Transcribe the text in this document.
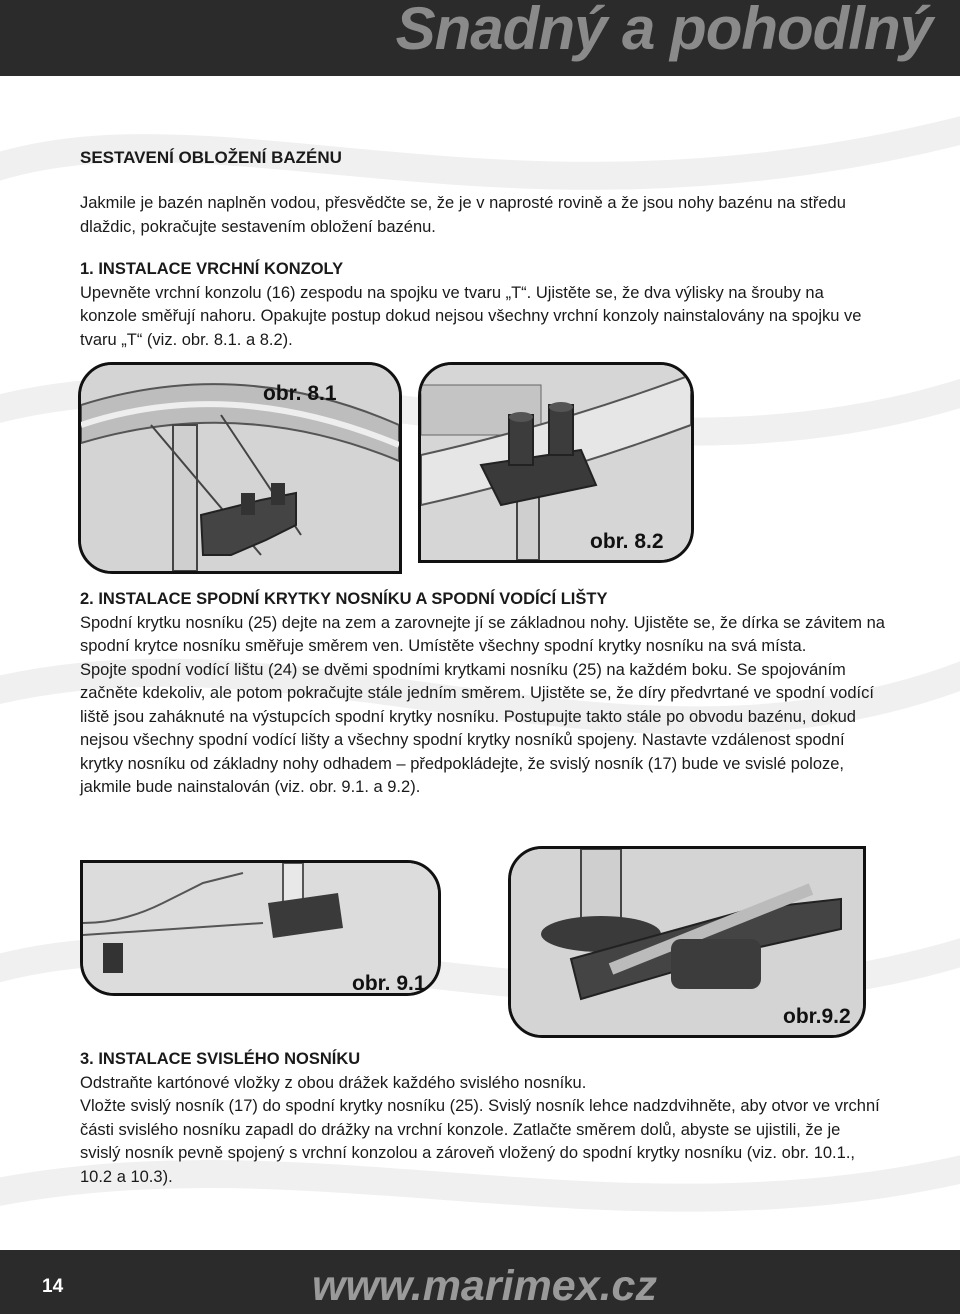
Snadný a pohodlný
SESTAVENÍ OBLOŽENÍ BAZÉNU

Jakmile je bazén naplněn vodou, přesvědčte se, že je v naprosté rovině a že jsou nohy bazénu na středu dlaždic, pokračujte sestavením obložení bazénu.

1. INSTALACE VRCHNÍ KONZOLY

Upevněte vrchní konzolu (16) zespodu na spojku ve tvaru „T“. Ujistěte se, že dva výlisky na šrouby na konzole směřují nahoru. Opakujte postup dokud nejsou všechny vrchní konzoly nainstalovány na spojku ve tvaru „T“ (viz. obr. 8.1. a 8.2).

obr. 8.1
obr. 8.2
2. INSTALACE SPODNÍ KRYTKY NOSNÍKU A SPODNÍ VODÍCÍ LIŠTY

Spodní krytku nosníku (25) dejte na zem a zarovnejte jí se základnou nohy. Ujistěte se, že dírka se závitem na spodní krytce nosníku směřuje směrem ven. Umístěte všechny spodní krytky nosníku na svá místa.

Spojte spodní vodící lištu (24) se dvěmi spodními krytkami nosníku (25) na každém boku. Se spojováním začněte kdekoliv, ale potom pokračujte stále jedním směrem. Ujistěte se, že díry předvrtané ve spodní vodící liště jsou zaháknuté na výstupcích spodní krytky nosníku. Postupujte takto stále po obvodu bazénu, dokud nejsou všechny spodní vodící lišty a všechny spodní krytky nosníků spojeny. Nastavte vzdálenost spodní krytky nosníku od základny nohy odhadem – předpokládejte, že svislý nosník (17) bude ve svislé poloze, jakmile bude nainstalován (viz. obr. 9.1. a 9.2).

obr. 9.1
obr.9.2
3. INSTALACE SVISLÉHO NOSNÍKU

Odstraňte kartónové vložky z obou drážek každého svislého nosníku.

Vložte svislý nosník (17) do spodní krytky nosníku (25). Svislý nosník lehce nadzdvihněte, aby otvor ve vrchní části svislého nosníku zapadl do drážky na vrchní konzole. Zatlačte směrem dolů, abyste se ujistili, že je svislý nosník pevně spojený s vrchní konzolou a zároveň vložený do spodní krytky nosníku (viz. obr. 10.1., 10.2 a 10.3).

14	www.marimex.cz
